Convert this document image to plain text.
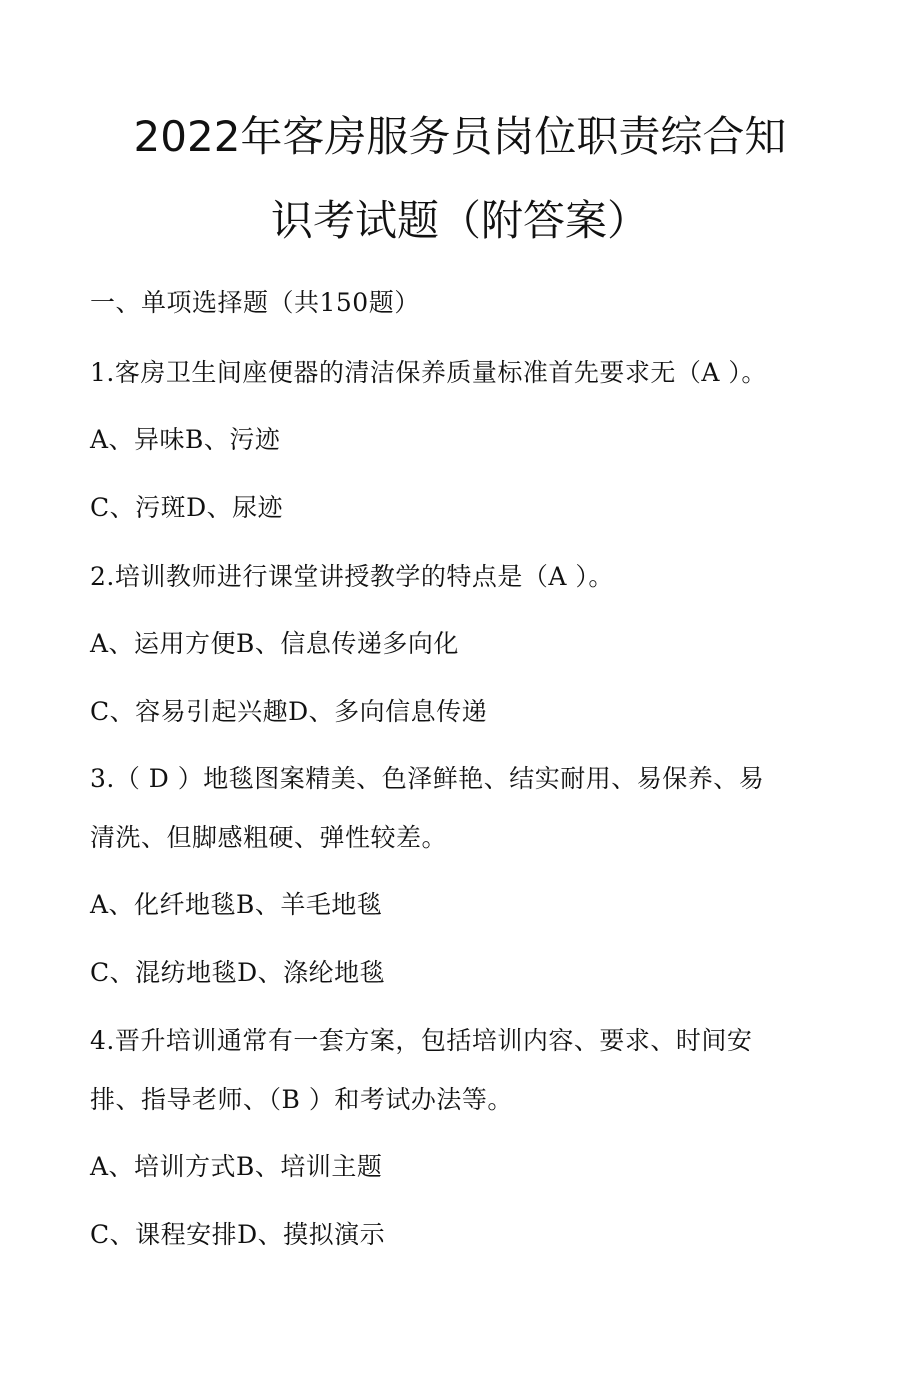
2022年客房服务员岗位职责综合知
识考试题（附答案）
一、单项选择题（共150题）
1.客房卫生间座便器的清洁保养质量标准首先要求无（A ）。
A、异味B、污迹
C、污斑D、尿迹
2.培训教师进行课堂讲授教学的特点是（A ）。
A、运用方便B、信息传递多向化
C、容易引起兴趣D、多向信息传递
3.（ D ）地毯图案精美、色泽鲜艳、结实耐用、易保养、易
清洗、但脚感粗硬、弹性较差。
A、化纤地毯B、羊毛地毯
C、混纺地毯D、涤纶地毯
4.晋升培训通常有一套方案，包括培训内容、要求、时间安
排、指导老师、（B ）和考试办法等。
A、培训方式B、培训主题
C、课程安排D、摸拟演示
